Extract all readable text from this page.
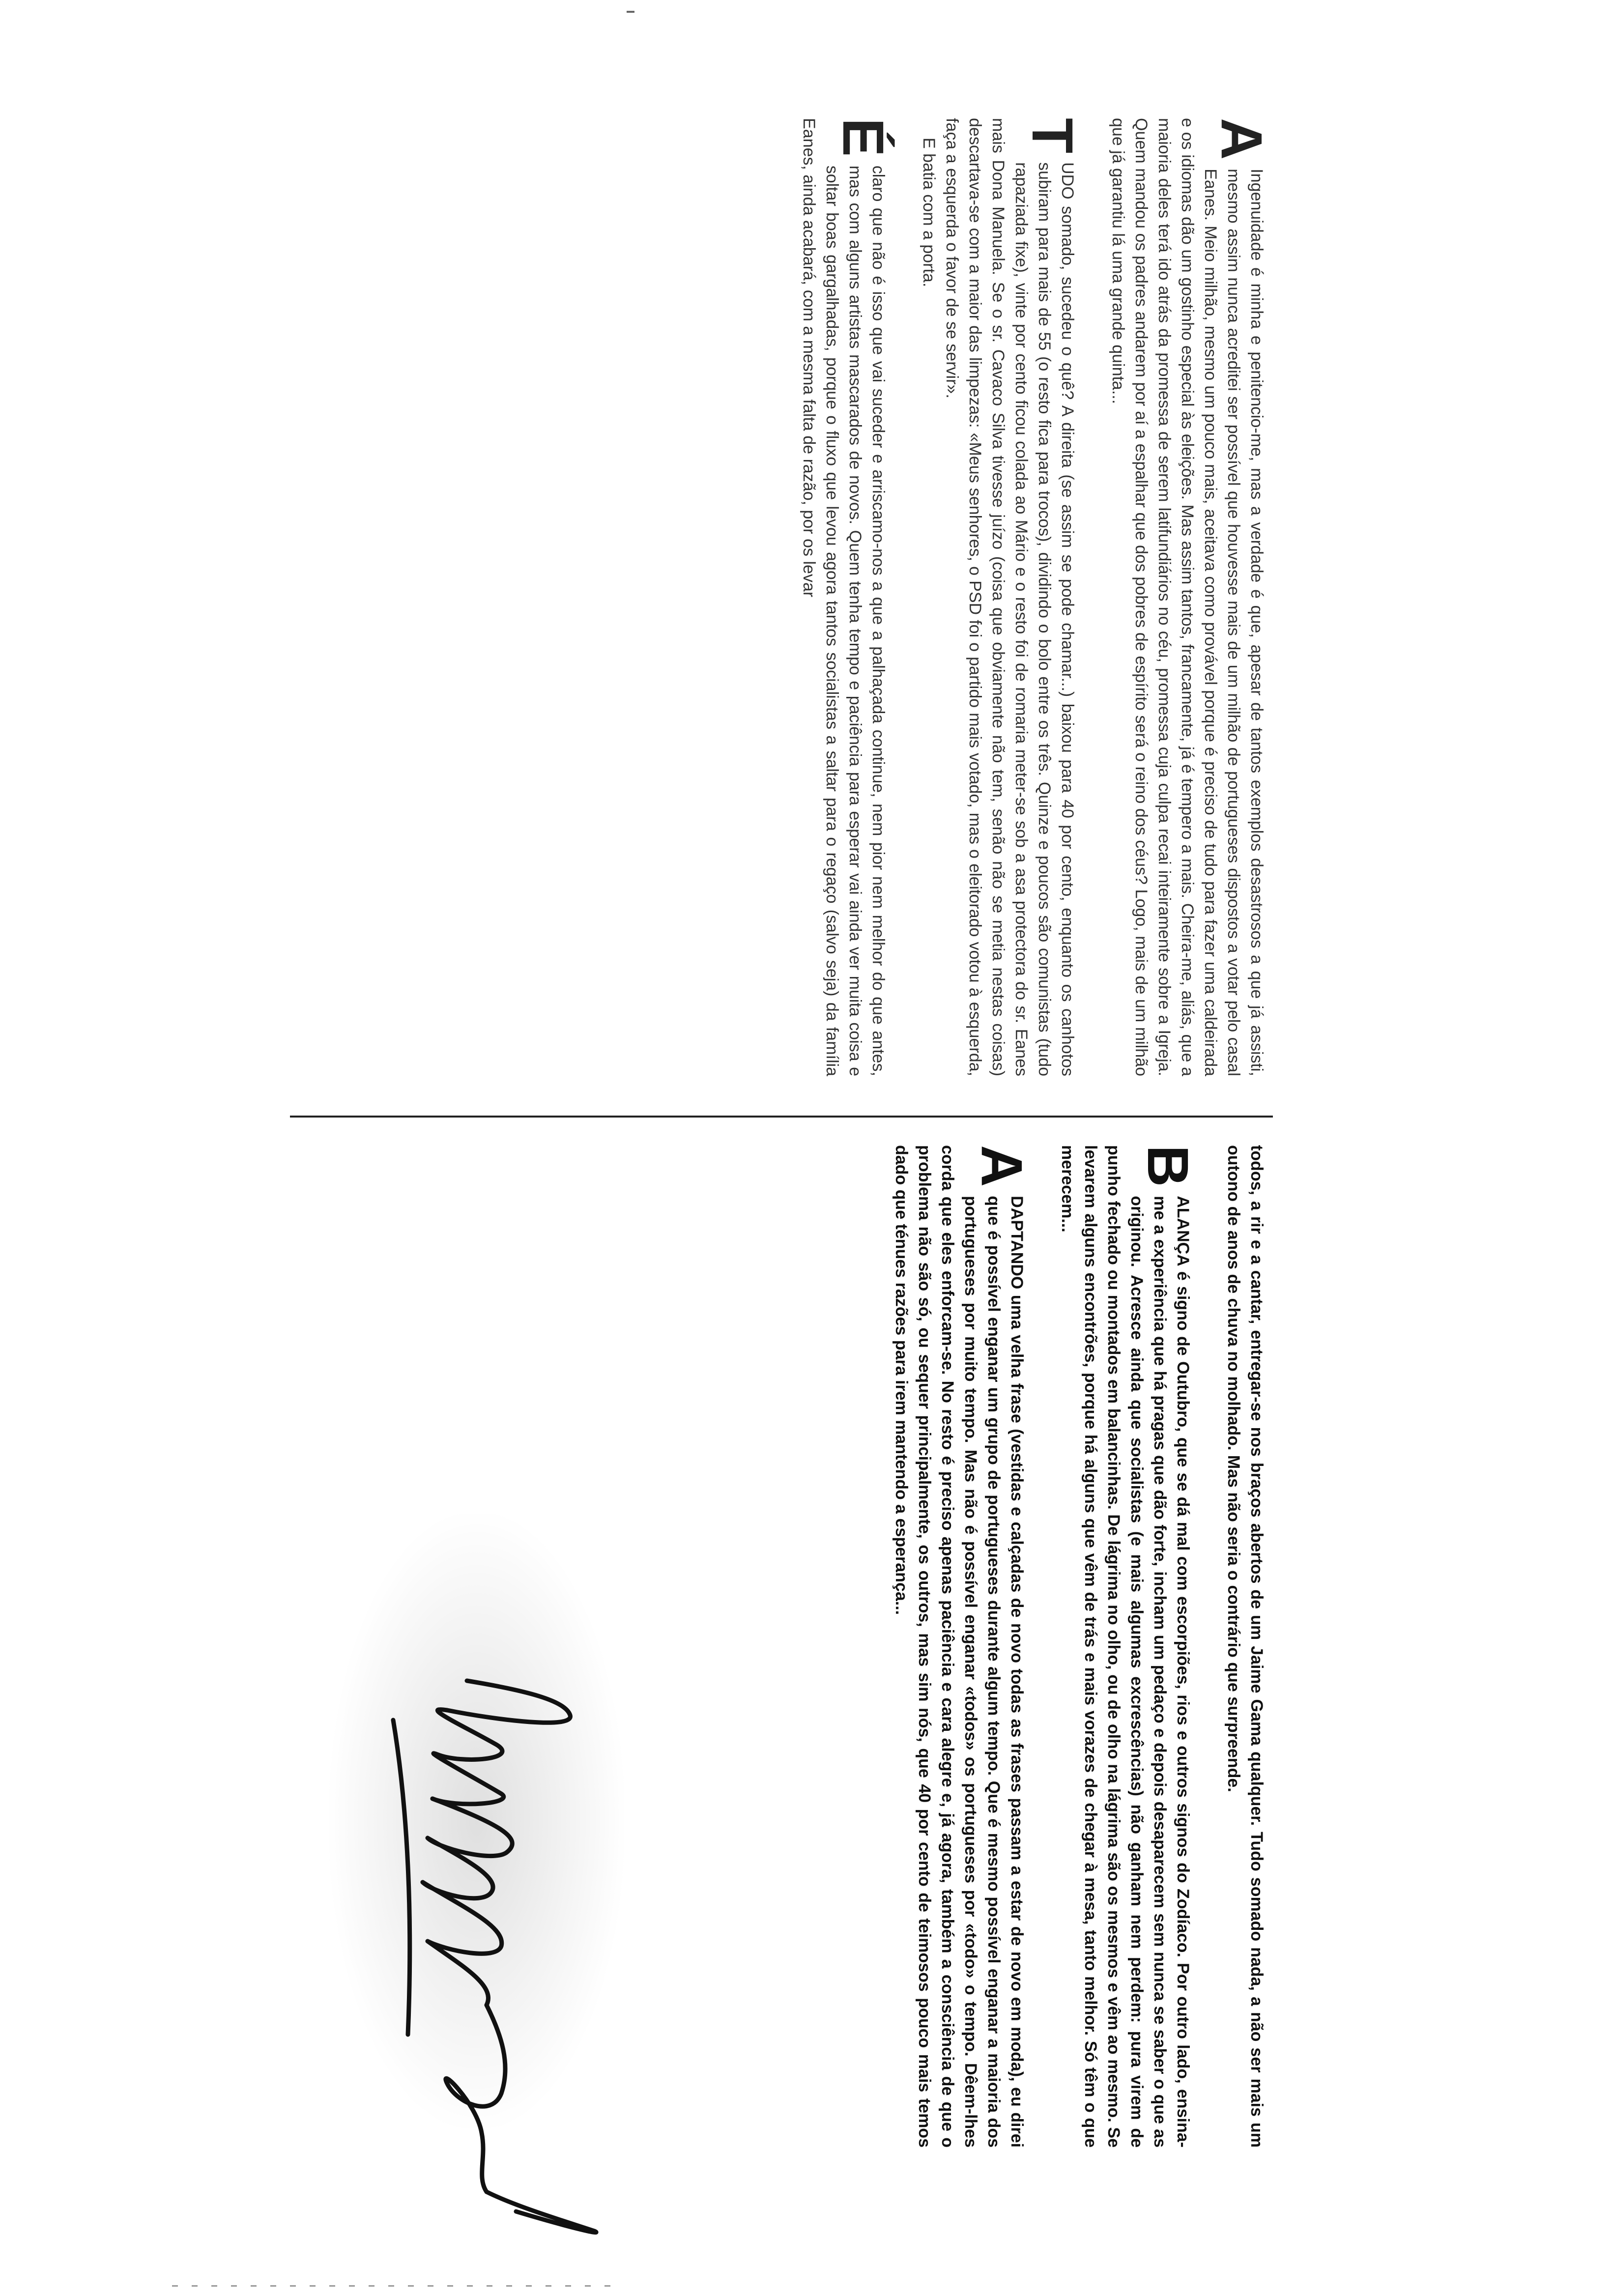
A
Ingenuidade é minha e penitencio-me, mas a verdade é que, apesar de tantos exemplos desastrosos a que já assisti, mesmo assim nunca acreditei ser possível que houvesse mais de um milhão de portugueses dispostos a votar pelo casal Eanes. Meio milhão, mesmo um pouco mais, aceitava como provável porque é preciso de tudo para fazer uma caldeirada e os idiomas dão um gostinho especial às eleições. Mas assim tantos, francamente, já é tempero a mais. Cheira-me, aliás, que a maioria deles terá ido atrás da promessa de serem latifundiários no céu, promessa cuja culpa recai inteiramente sobre a Igreja. Quem mandou os padres andarem por aí a espalhar que dos pobres de espírito será o reino dos céus? Logo, mais de um milhão que já garantiu lá uma grande quinta...

T
UDO somado, sucedeu o quê? A direita (se assim se pode chamar...) baixou para 40 por cento, enquanto os canhotos subiram para mais de 55 (o resto fica para trocos), dividindo o bolo entre os três. Quinze e poucos são comunistas (tudo rapaziada fixe), vinte por cento ficou colada ao Mário e o resto foi de romaria meter-se sob a asa protectora do sr. Eanes mais Dona Manuela. Se o sr. Cavaco Silva tivesse juízo (coisa que obviamente não tem, senão não se metia nestas coisas) descartava-se com a maior das limpezas: «Meus senhores, o PSD foi o partido mais votado, mas o eleitorado votou à esquerda, faça a esquerda o favor de se servir».

E batia com a porta.

É
claro que não é isso que vai suceder e arriscamo-nos a que a palhaçada continue, nem pior nem melhor do que antes, mas com alguns artistas mascarados de novos. Quem tenha tempo e paciência para esperar vai ainda ver muita coisa e soltar boas gargalhadas, porque o fluxo que levou agora tantos socialistas a saltar para o regaço (salvo seja) da família Eanes, ainda acabará, com a mesma falta de razão, por os levar

todos, a rir e a cantar, entregar-se nos braços abertos de um Jaime Gama qualquer. Tudo somado nada, a não ser mais um outono de anos de chuva no molhado. Mas não seria o contrário que surpreende.

B
ALANÇA é signo de Outubro, que se dá mal com escorpiões, rios e outros signos do Zodíaco. Por outro lado, ensina-me a experiência que há pragas que dão forte, incham um pedaço e depois desaparecem sem nunca se saber o que as originou. Acresce ainda que socialistas (e mais algumas excrescências) não ganham nem perdem: pura virem de punho fechado ou montados em balancinhas. De lágrima no olho, ou de olho na lágrima são os mesmos e vêm ao mesmo. Se levarem alguns encontrões, porque há alguns que vêm de trás e mais vorazes de chegar à mesa, tanto melhor. Só têm o que merecem...

A
DAPTANDO uma velha frase (vestidas e calçadas de novo todas as frases passam a estar de novo em moda), eu direi que é possível enganar um grupo de portugueses durante algum tempo. Que é mesmo possível enganar a maioria dos portugueses por muito tempo. Mas não é possível enganar «todos» os portugueses por «todo» o tempo. Dêem-lhes corda que eles enforcam-se. No resto é preciso apenas paciência e cara alegre e, já agora, também a consciência de que o problema não são só, ou sequer principalmente, os outros, mas sim nós, que 40 por cento de teimosos pouco mais temos dado que ténues razões para irem mantendo a esperança...
